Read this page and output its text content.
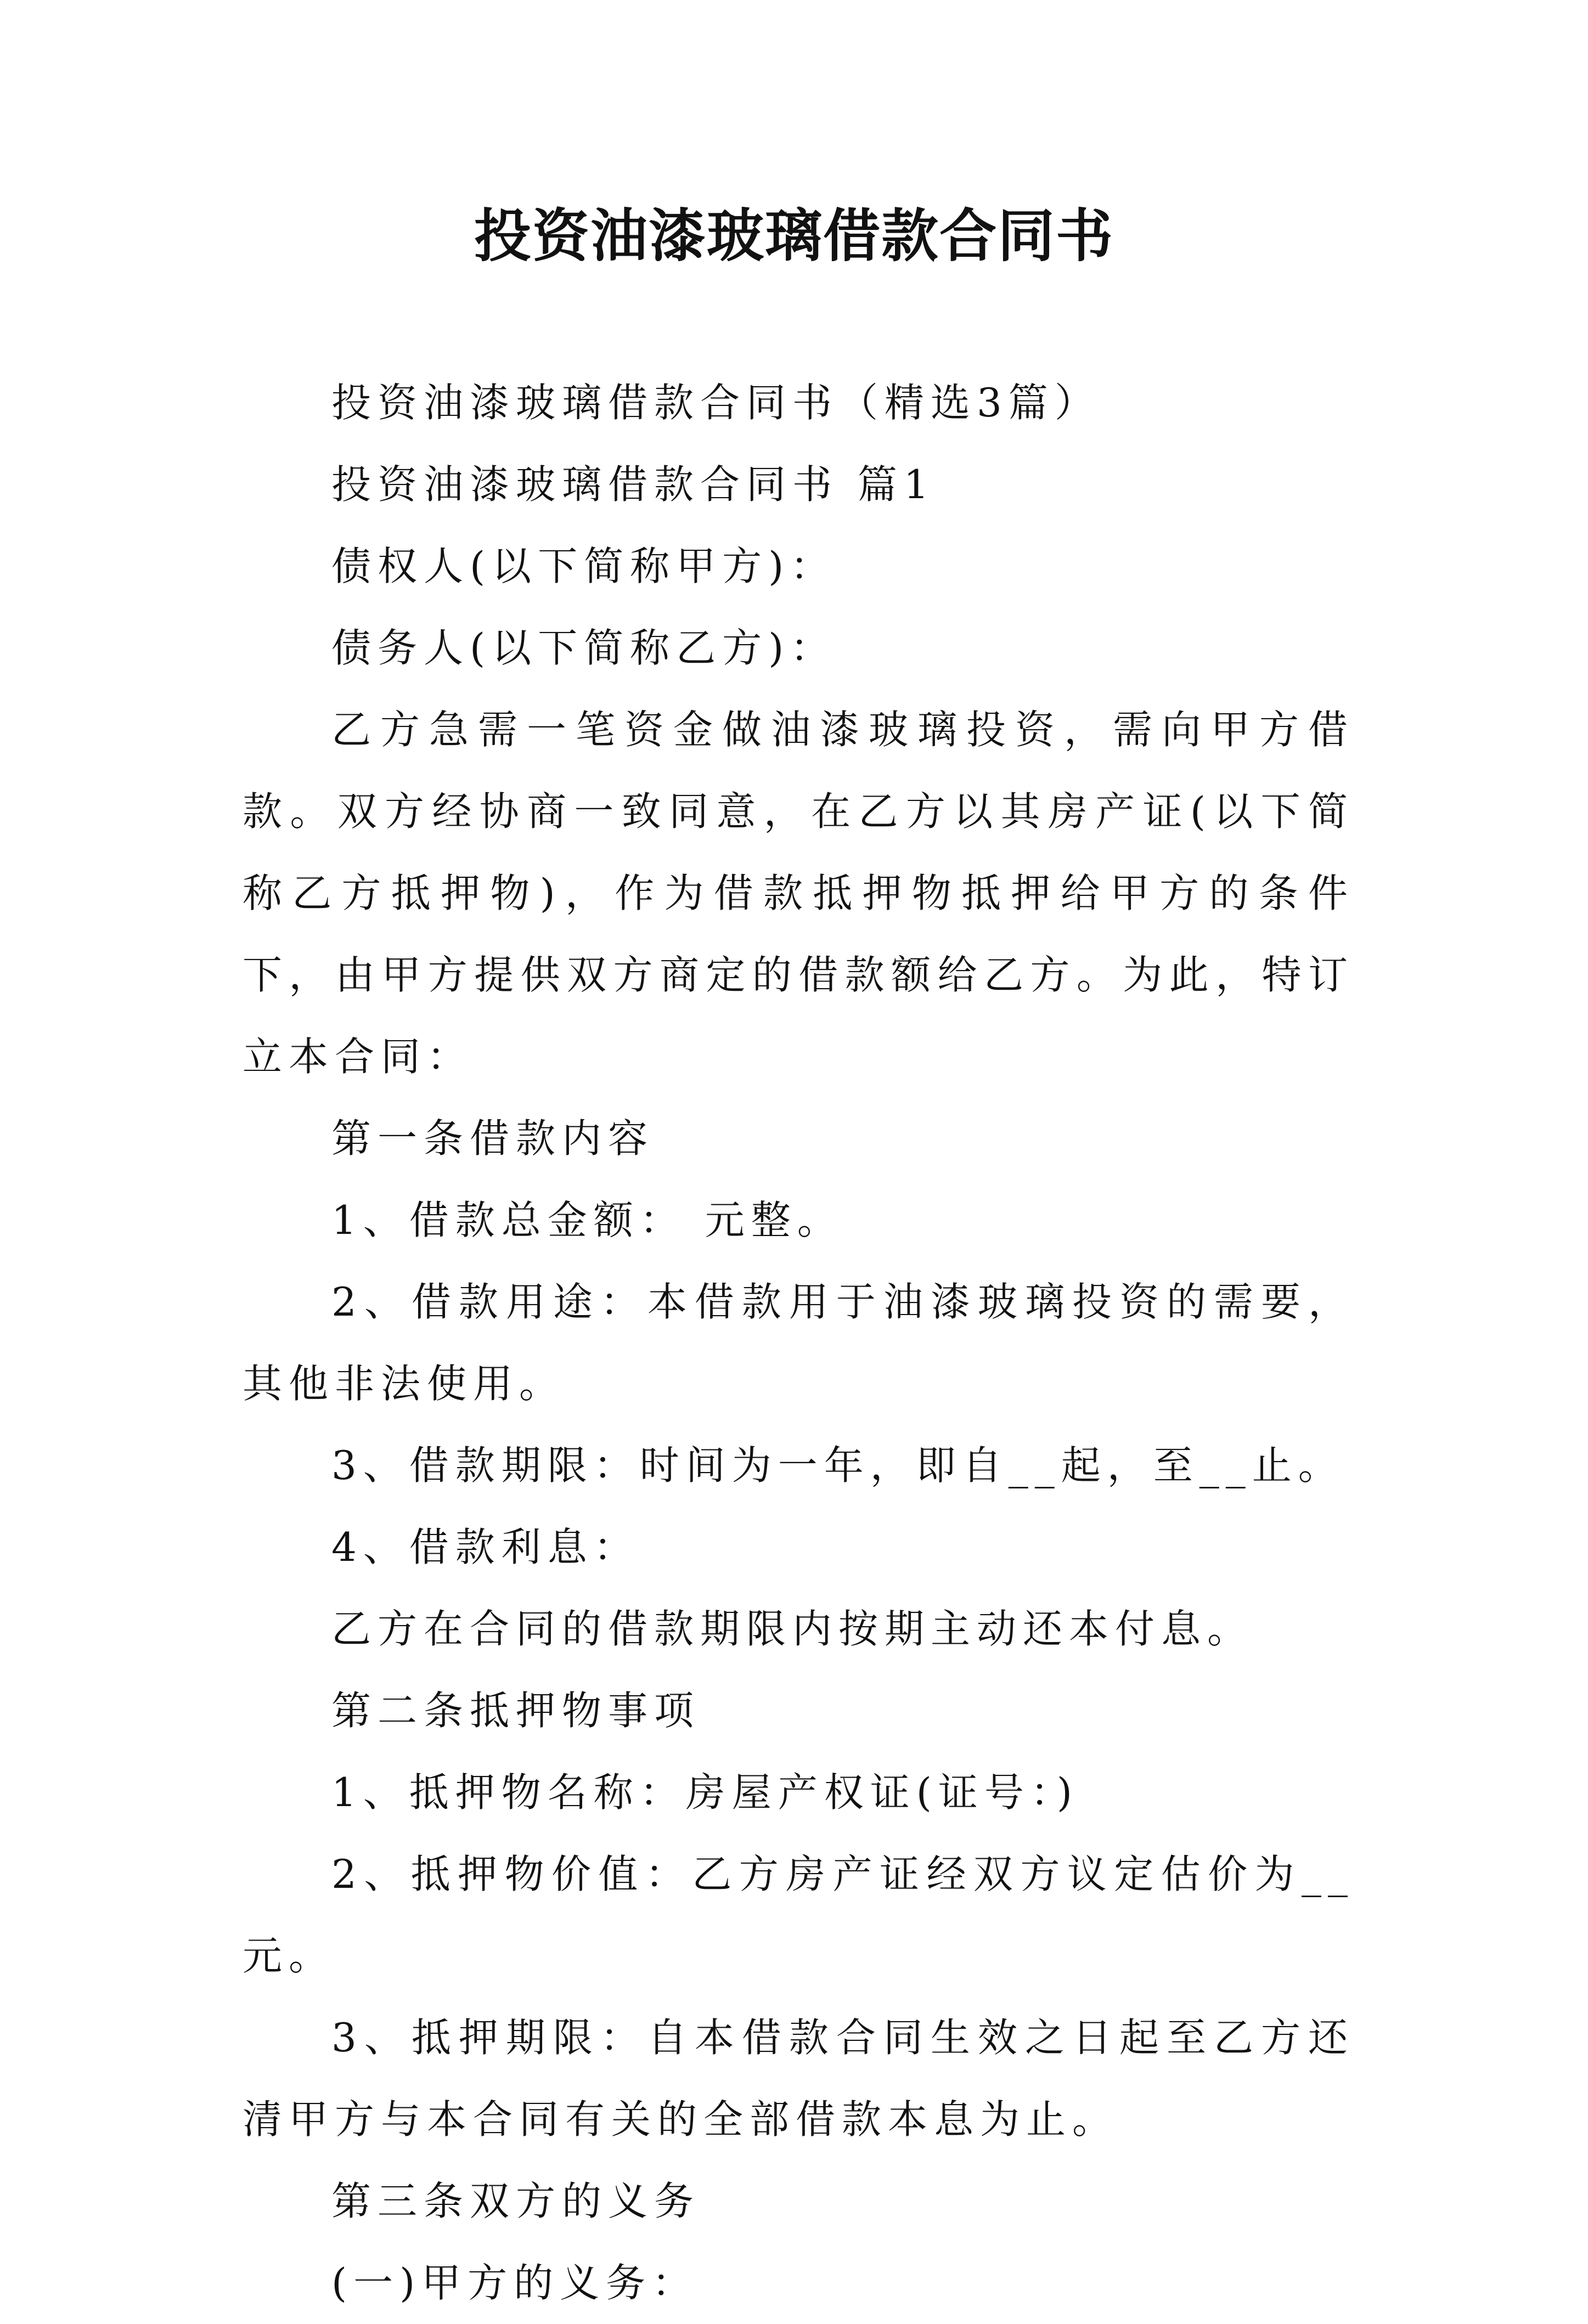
投资油漆玻璃借款合同书

投资油漆玻璃借款合同书（精选3篇）

投资油漆玻璃借款合同书 篇1

债权人(以下简称甲方)：

债务人(以下简称乙方)：

乙方急需一笔资金做油漆玻璃投资，需向甲方借款。双方经协商一致同意，在乙方以其房产证(以下简称乙方抵押物)，作为借款抵押物抵押给甲方的条件下，由甲方提供双方商定的借款额给乙方。为此，特订立本合同：

第一条借款内容

1、借款总金额： 元整。

2、借款用途：本借款用于油漆玻璃投资的需要，其他非法使用。

3、借款期限：时间为一年，即自__起，至__止。

4、借款利息：

乙方在合同的借款期限内按期主动还本付息。

第二条抵押物事项

1、抵押物名称：房屋产权证(证号：)

2、抵押物价值：乙方房产证经双方议定估价为__元。

3、抵押期限：自本借款合同生效之日起至乙方还清甲方与本合同有关的全部借款本息为止。

第三条双方的义务

(一)甲方的义务：
